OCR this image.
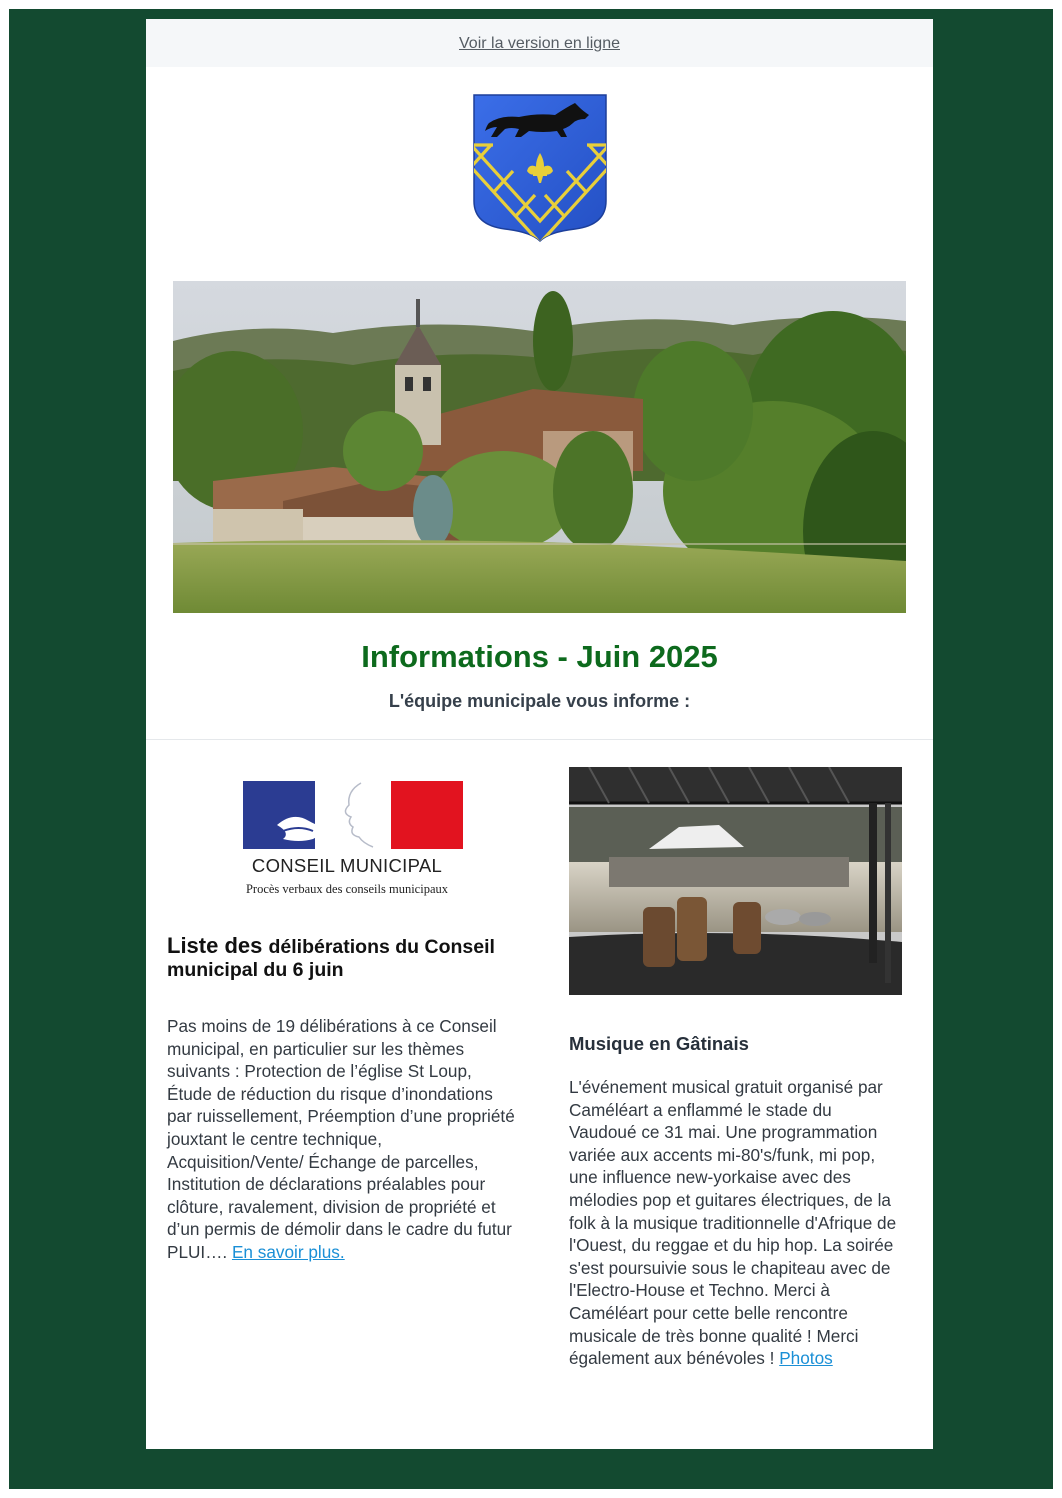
Voir la version en ligne
Informations - Juin 2025
L'équipe municipale vous informe :
CONSEIL MUNICIPAL
Procès verbaux des conseils municipaux
Liste des délibérations du Conseil municipal du 6 juin

Pas moins de 19 délibérations à ce Conseil municipal, en particulier sur les thèmes suivants : Protection de l’église St Loup, Étude de réduction du risque d’inondations par ruissellement, Préemption d’une propriété jouxtant le centre technique, Acquisition/Vente/ Échange de parcelles, Institution de déclarations préalables pour clôture, ravalement, division de propriété et d’un permis de démolir dans le cadre du futur PLUI…. En savoir plus.

Musique en Gâtinais

L'événement musical gratuit organisé par Caméléart a enflammé le stade du Vaudoué ce 31 mai. Une programmation variée aux accents mi-80's/funk, mi pop, une influence new-yorkaise avec des mélodies pop et guitares électriques, de la folk à la musique traditionnelle d'Afrique de l'Ouest, du reggae et du hip hop. La soirée s'est poursuivie sous le chapiteau avec de l'Electro-House et Techno. Merci à Caméléart pour cette belle rencontre musicale de très bonne qualité ! Merci également aux bénévoles ! Photos
